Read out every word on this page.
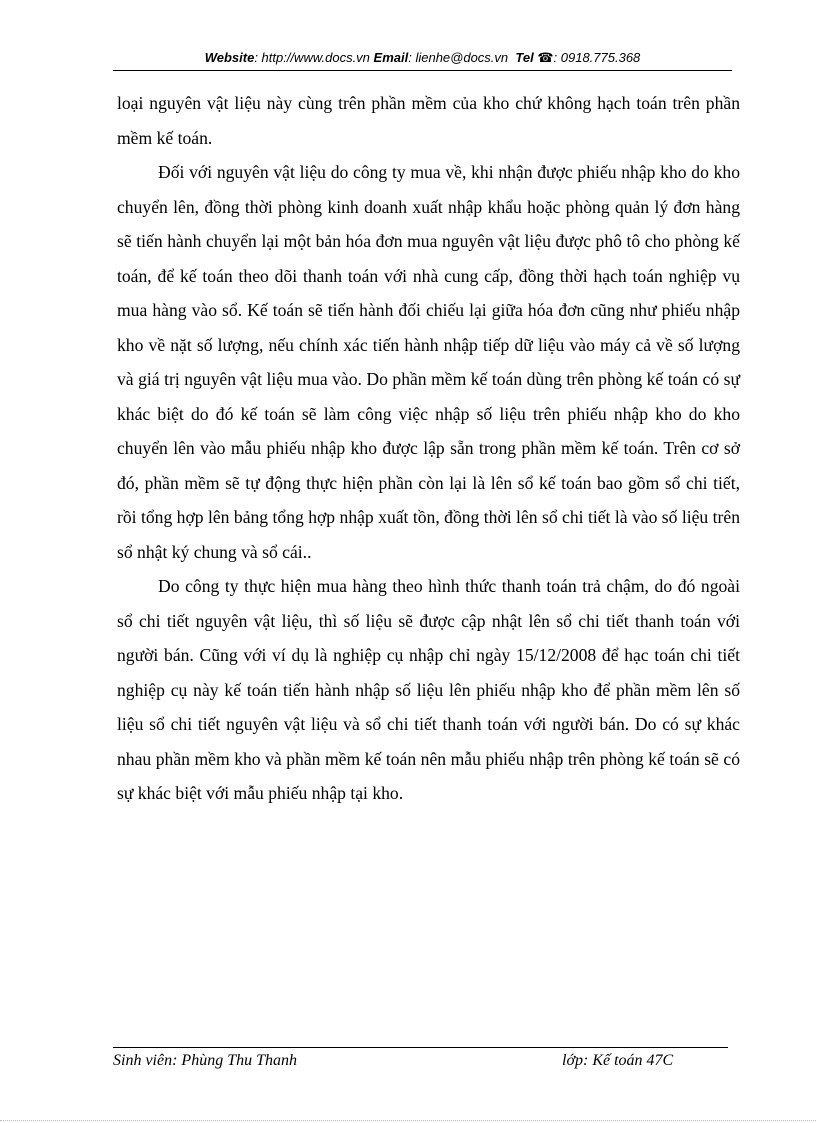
Website: http://www.docs.vn Email: lienhe@docs.vn Tel ☎: 0918.775.368

loại nguyên vật liệu này cùng trên phần mềm của kho chứ không hạch toán trên phần mềm kế toán.

Đối với nguyên vật liệu do công ty mua về, khi nhận được phiếu nhập kho do kho chuyển lên, đồng thời phòng kinh doanh xuất nhập khẩu hoặc phòng quản lý đơn hàng sẽ tiến hành chuyển lại một bản hóa đơn mua nguyên vật liệu được phô tô cho phòng kế toán, để kế toán theo dõi thanh toán với nhà cung cấp, đồng thời hạch toán nghiệp vụ mua hàng vào sổ. Kế toán sẽ tiến hành đối chiếu lại giữa hóa đơn cũng như phiếu nhập kho về nặt số lượng, nếu chính xác tiến hành nhập tiếp dữ liệu vào máy cả về số lượng và giá trị nguyên vật liệu mua vào. Do phần mềm kế toán dùng trên phòng kế toán có sự khác biệt do đó kế toán sẽ làm công việc nhập số liệu trên phiếu nhập kho do kho chuyển lên vào mẫu phiếu nhập kho được lập sẵn trong phần mềm kế toán. Trên cơ sở đó, phần mềm sẽ tự động thực hiện phần còn lại là lên sổ kế toán bao gồm sổ chi tiết, rồi tổng hợp lên bảng tổng hợp nhập xuất tồn, đồng thời lên sổ chi tiết là vào số liệu trên sổ nhật ký chung và sổ cái..

Do công ty thực hiện mua hàng theo hình thức thanh toán trả chậm, do đó ngoài sổ chi tiết nguyên vật liệu, thì số liệu sẽ được cập nhật lên sổ chi tiết thanh toán với người bán. Cũng với ví dụ là nghiệp cụ nhập chỉ ngày 15/12/2008 để hạc toán chi tiết nghiệp cụ này kế toán tiến hành nhập số liệu lên phiếu nhập kho để phần mềm lên số liệu sổ chi tiết nguyên vật liệu và sổ chi tiết thanh toán với người bán. Do có sự khác nhau phần mềm kho và phần mềm kế toán nên mẫu phiếu nhập trên phòng kế toán sẽ có sự khác biệt với mẫu phiếu nhập tại kho.

Sinh viên: Phùng Thu Thanh	lớp: Kế toán 47C
